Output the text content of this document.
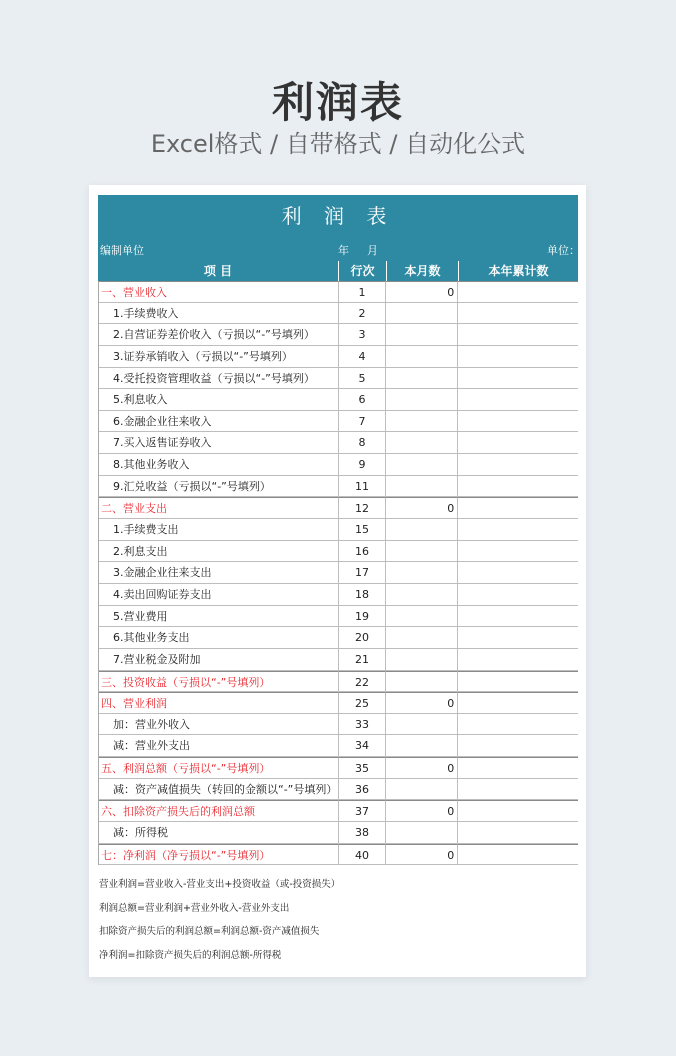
利润表
Excel格式 / 自带格式 / 自动化公式
利 润 表
编制单位	年 月	单位：
项 目	行次	本月数	本年累计数
一、营业收入	1	0
1.手续费收入	2
2.自营证券差价收入（亏损以“-”号填列）	3
3.证券承销收入（亏损以“-”号填列）	4
4.受托投资管理收益（亏损以“-”号填列）	5
5.利息收入	6
6.金融企业往来收入	7
7.买入返售证券收入	8
8.其他业务收入	9
9.汇兑收益（亏损以“-”号填列）	11
二、营业支出	12	0
1.手续费支出	15
2.利息支出	16
3.金融企业往来支出	17
4.卖出回购证券支出	18
5.营业费用	19
6.其他业务支出	20
7.营业税金及附加	21
三、投资收益（亏损以“-”号填列）	22
四、营业利润	25	0
加：营业外收入	33
减：营业外支出	34
五、利润总额（亏损以“-”号填列）	35	0
减：资产减值损失（转回的金额以“-”号填列）	36
六、扣除资产损失后的利润总额	37	0
减：所得税	38
七：净利润（净亏损以“-”号填列）	40	0
营业利润=营业收入-营业支出+投资收益（或-投资损失）
利润总额=营业利润+营业外收入-营业外支出
扣除资产损失后的利润总额=利润总额-资产减值损失
净利润=扣除资产损失后的利润总额-所得税
